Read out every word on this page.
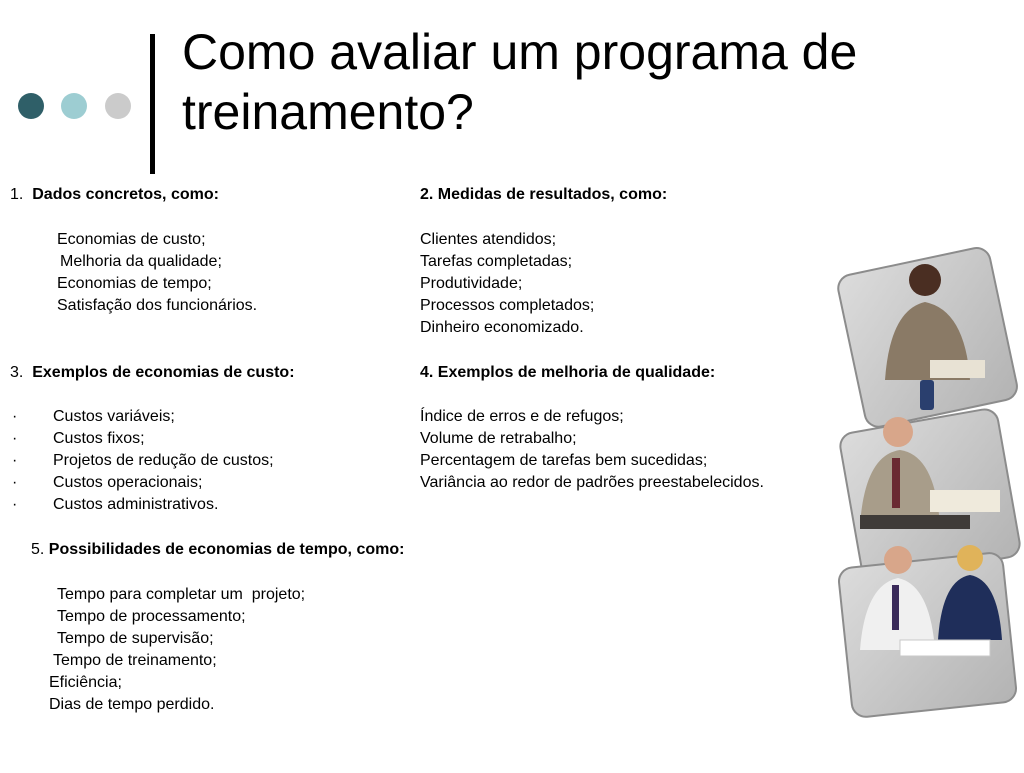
Como avaliar um programa de treinamento?
1. Dados concretos, como:
Economias de custo;
Melhoria da qualidade;
Economias de tempo;
Satisfação dos funcionários.
2. Medidas de resultados, como:
Clientes atendidos;
Tarefas completadas;
Produtividade;
Processos completados;
Dinheiro economizado.
3. Exemplos de economias de custo:
· Custos variáveis;
· Custos fixos;
· Projetos de redução de custos;
· Custos operacionais;
· Custos administrativos.
4. Exemplos de melhoria de qualidade:
Índice de erros e de refugos;
Volume de retrabalho;
Percentagem de tarefas bem sucedidas;
Variância ao redor de padrões preestabelecidos.
5. Possibilidades de economias de tempo, como:
Tempo para completar um  projeto;
Tempo de processamento;
Tempo de supervisão;
Tempo de treinamento;
Eficiência;
Dias de tempo perdido.
